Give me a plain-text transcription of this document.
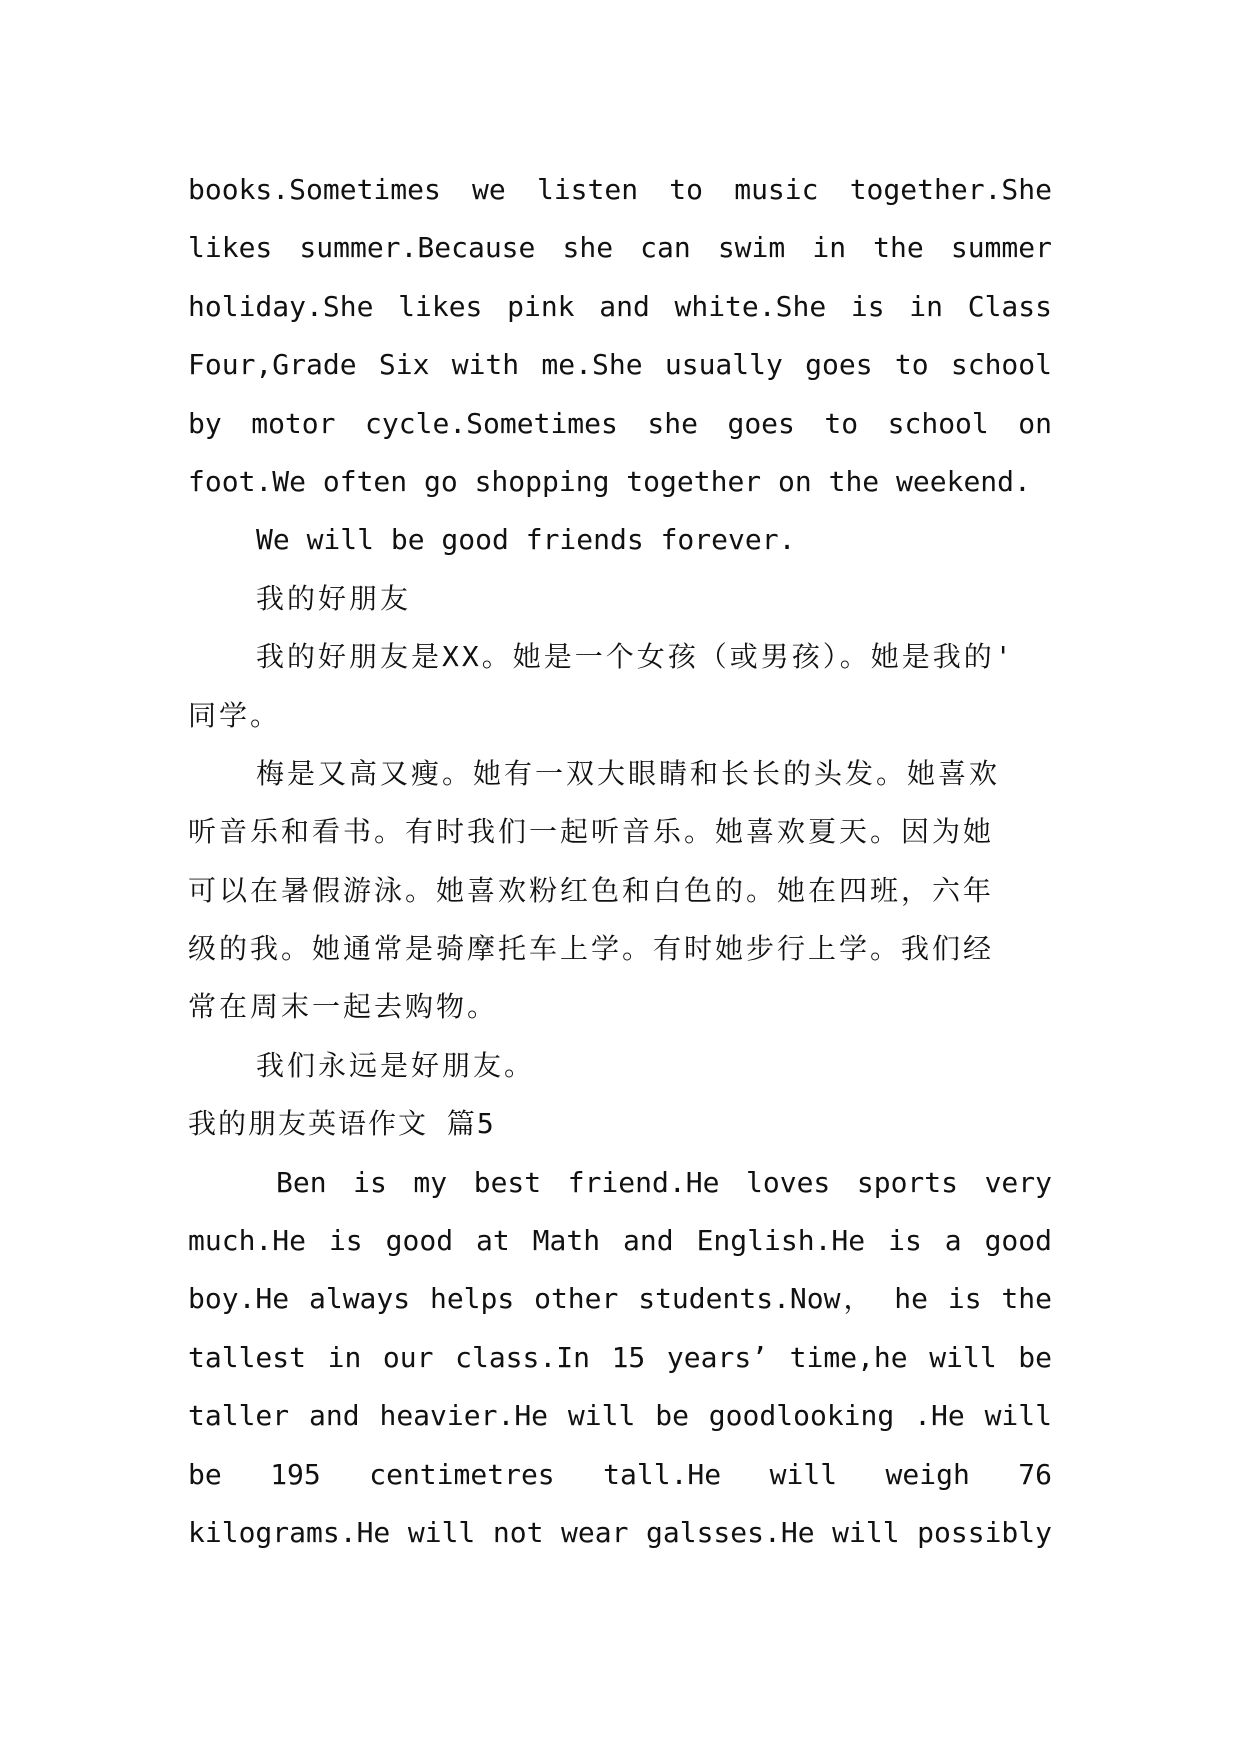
books.Sometimes we listen to music together.She
likes summer.Because she can swim in the summer
holiday.She likes pink and white.She is in Class
Four,Grade Six with me.She usually goes to school
by motor cycle.Sometimes she goes to school on
foot.We often go shopping together on the weekend.
We will be good friends forever.
我的好朋友
我的好朋友是XX。她是一个女孩（或男孩）。她是我的'
同学。
梅是又高又瘦。她有一双大眼睛和长长的头发。她喜欢
听音乐和看书。有时我们一起听音乐。她喜欢夏天。因为她
可以在暑假游泳。她喜欢粉红色和白色的。她在四班，六年
级的我。她通常是骑摩托车上学。有时她步行上学。我们经
常在周末一起去购物。
我们永远是好朋友。
我的朋友英语作文 篇5
Ben is my best friend.He loves sports very
much.He is good at Math and English.He is a good
boy.He always helps other students.Now， he is the
tallest in our class.In 15 years’ time,he will be
taller and heavier.He will be goodlooking .He will
be 195 centimetres tall.He will weigh 76
kilograms.He will not wear galsses.He will possibly
